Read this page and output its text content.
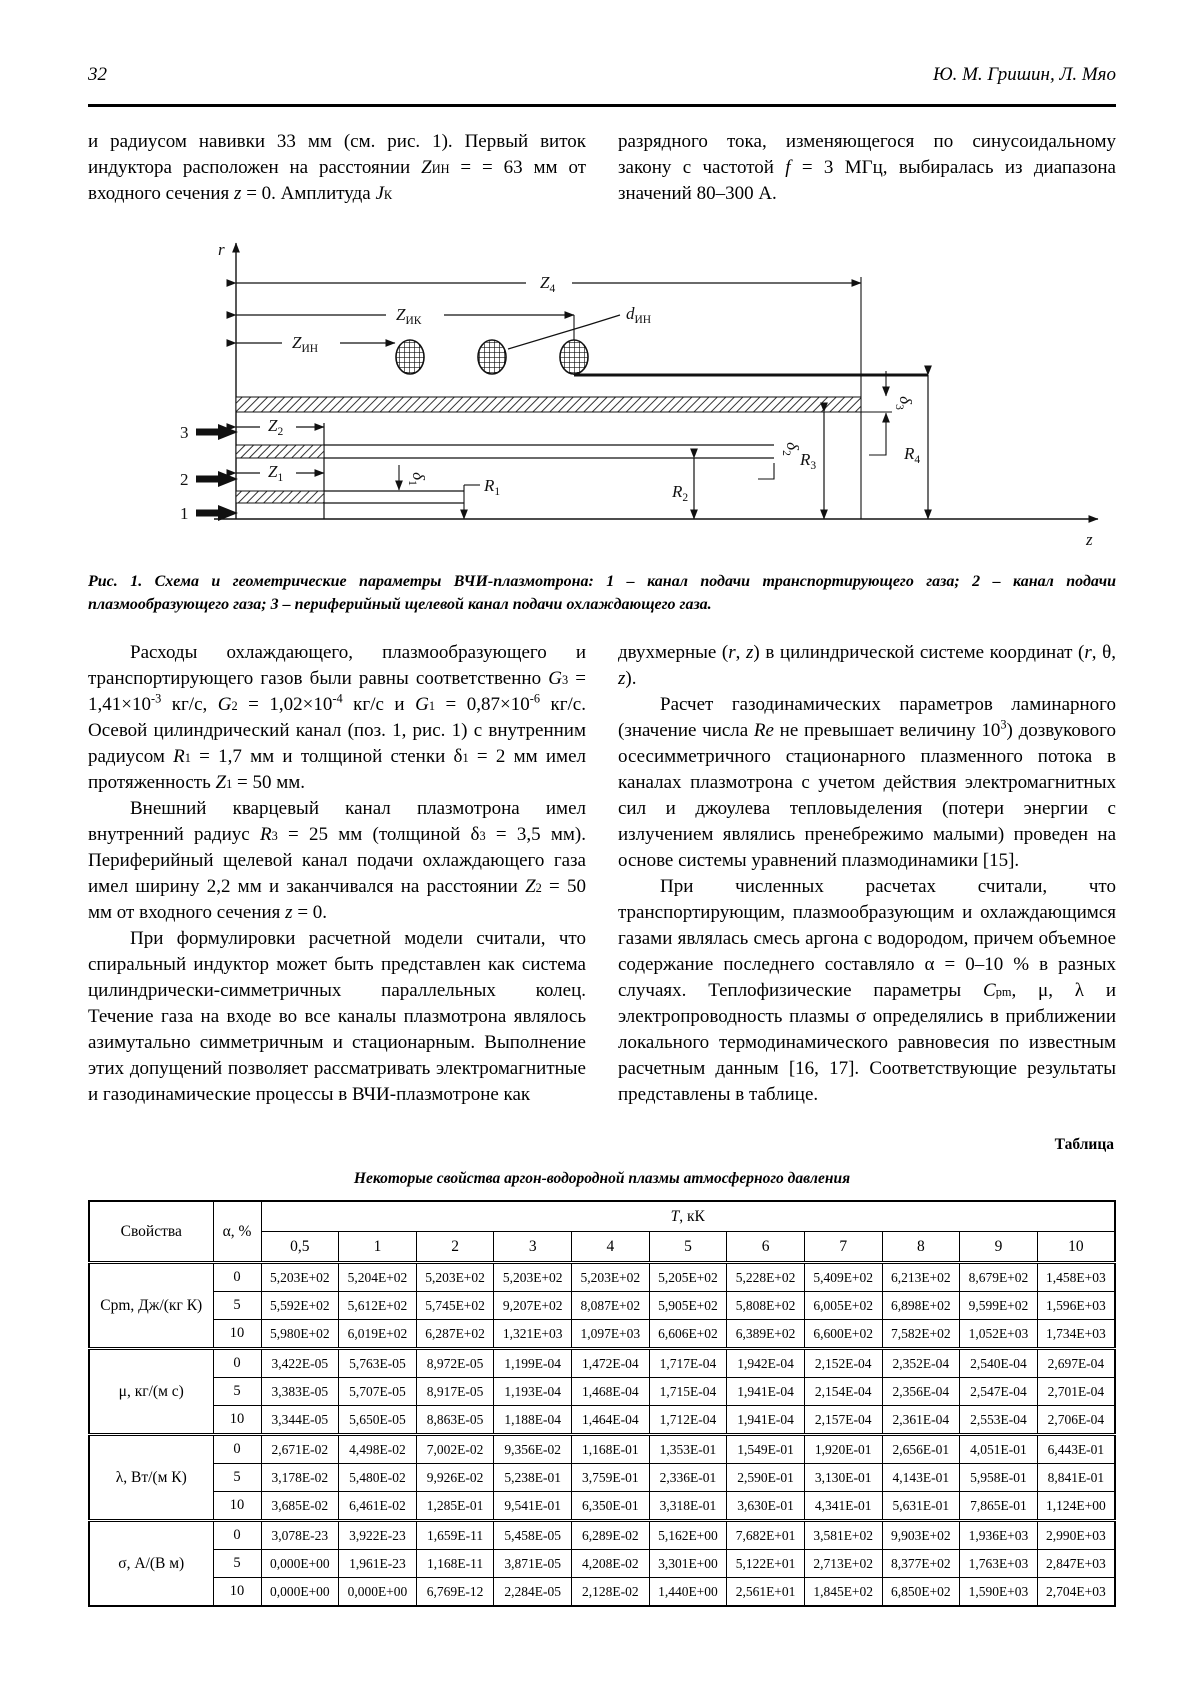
32	Ю. М. Гришин, Л. Мяо

и радиусом навивки 33 мм (см. рис. 1). Первый виток индуктора расположен на расстоянии $Z_{ИН}$ = = 63 мм от входного сечения z = 0. Амплитуда $J_К$

разрядного тока, изменяющегося по синусоидальному закону с частотой f = 3 МГц, выбиралась из диапазона значений 80–300 А.

r
z
$Z_4$
$Z_{ИК}$
$Z_{ИН}$
$d_{ИН}$
$\delta_3$
$R_4$
$R_3$
$Z_2$
3
$\delta_2$
$R_2$
$Z_1$
2	$\delta_1$	$R_1$
1

Рис. 1. Схема и геометрические параметры ВЧИ-плазмотрона: 1 – канал подачи транспортирующего газа; 2 – канал подачи плазмообразующего газа; 3 – периферийный щелевой канал подачи охлаждающего газа.

Расходы охлаждающего, плазмообразующего и транспортирующего газов были равны соответственно $G_3 = 1,41\times 10^{-3}$ кг/с, $G_2 = 1,02\times 10^{-4}$ кг/с и $G_1 = 0,87\times 10^{-6}$ кг/с. Осевой цилиндрический канал (поз. 1, рис. 1) с внутренним радиусом $R_1 = 1,7$ мм и толщиной стенки $\delta_1 = 2$ мм имел протяженность $Z_1 = 50$ мм.

Внешний кварцевый канал плазмотрона имел внутренний радиус $R_3 = 25$ мм (толщиной $\delta_3 = 3,5$ мм). Периферийный щелевой канал подачи охлаждающего газа имел ширину 2,2 мм и заканчивался на расстоянии $Z_2 = 50$ мм от входного сечения z = 0.

При формулировки расчетной модели считали, что спиральный индуктор может быть представлен как система цилиндрически-симметричных параллельных колец. Течение газа на входе во все каналы плазмотрона являлось азимутально симметричным и стационарным. Выполнение этих допущений позволяет рассматривать электромагнитные и газодинамические процессы в ВЧИ-плазмотроне как

двухмерные (r, z) в цилиндрической системе координат (r, θ, z).

Расчет газодинамических параметров ламинарного (значение числа Re не превышает величину $10^3$) дозвукового осесимметричного стационарного плазменного потока в каналах плазмотрона с учетом действия электромагнитных сил и джоулева тепловыделения (потери энергии с излучением являлись пренебрежимо малыми) проведен на основе системы уравнений плазмодинамики [15].

При численных расчетах считали, что транспортирующим, плазмообразующим и охлаждающимся газами являлась смесь аргона с водородом, причем объемное содержание последнего составляло α = 0–10 % в разных случаях. Теплофизические параметры $C_{pm}$, μ, λ и электропроводность плазмы σ определялись в приближении локального термодинамического равновесия по известным расчетным данным [16, 17]. Соответствующие результаты представлены в таблице.

Таблица
Некоторые свойства аргон-водородной плазмы атмосферного давления
Свойства	α, %	T, кК										
		0,5	1	2	3	4	5	6	7	8	9	10
Cpm, Дж/(кг К)	0	5,203E+02	5,204E+02	5,203E+02	5,203E+02	5,203E+02	5,205E+02	5,228E+02	5,409E+02	6,213E+02	8,679E+02	1,458E+03
	5	5,592E+02	5,612E+02	5,745E+02	9,207E+02	8,087E+02	5,905E+02	5,808E+02	6,005E+02	6,898E+02	9,599E+02	1,596E+03
	10	5,980E+02	6,019E+02	6,287E+02	1,321E+03	1,097E+03	6,606E+02	6,389E+02	6,600E+02	7,582E+02	1,052E+03	1,734E+03
μ, кг/(м с)	0	3,422E-05	5,763E-05	8,972E-05	1,199E-04	1,472E-04	1,717E-04	1,942E-04	2,152E-04	2,352E-04	2,540E-04	2,697E-04
	5	3,383E-05	5,707E-05	8,917E-05	1,193E-04	1,468E-04	1,715E-04	1,941E-04	2,154E-04	2,356E-04	2,547E-04	2,701E-04
	10	3,344E-05	5,650E-05	8,863E-05	1,188E-04	1,464E-04	1,712E-04	1,941E-04	2,157E-04	2,361E-04	2,553E-04	2,706E-04
λ, Вт/(м К)	0	2,671E-02	4,498E-02	7,002E-02	9,356E-02	1,168E-01	1,353E-01	1,549E-01	1,920E-01	2,656E-01	4,051E-01	6,443E-01
	5	3,178E-02	5,480E-02	9,926E-02	5,238E-01	3,759E-01	2,336E-01	2,590E-01	3,130E-01	4,143E-01	5,958E-01	8,841E-01
	10	3,685E-02	6,461E-02	1,285E-01	9,541E-01	6,350E-01	3,318E-01	3,630E-01	4,341E-01	5,631E-01	7,865E-01	1,124E+00
σ, А/(В м)	0	3,078E-23	3,922E-23	1,659E-11	5,458E-05	6,289E-02	5,162E+00	7,682E+01	3,581E+02	9,903E+02	1,936E+03	2,990E+03
	5	0,000E+00	1,961E-23	1,168E-11	3,871E-05	4,208E-02	3,301E+00	5,122E+01	2,713E+02	8,377E+02	1,763E+03	2,847E+03
	10	0,000E+00	0,000E+00	6,769E-12	2,284E-05	2,128E-02	1,440E+00	2,561E+01	1,845E+02	6,850E+02	1,590E+03	2,704E+03
